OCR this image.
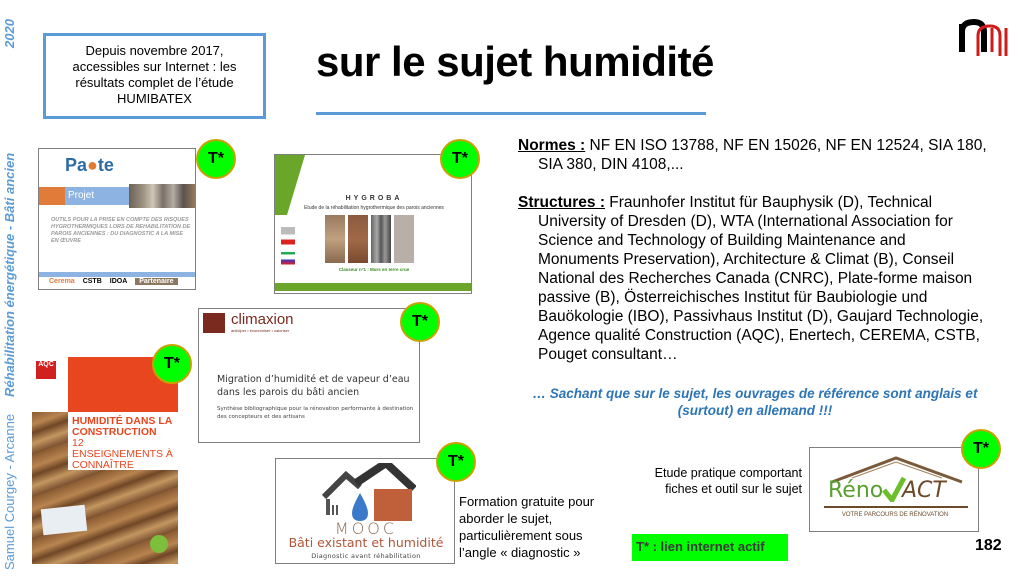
2020
Réhabilitation énergétique - Bâti ancien
Samuel Courgey - Arcanne
Depuis novembre 2017,
accessibles sur Internet : les
résultats complet de l’étude
HUMIBATEX
sur le sujet humidité
Pa●te
Projet OPERA
OUTILS POUR LA PRISE EN COMPTE DES RISQUES HYGROTHERMIQUES LORS DE REHABILITATION DE PAROIS ANCIENNES : DU DIAGNOSTIC A LA MISE EN ŒUVRE
Cerema CSTB IDOA	Partenaire
T*
HYGROBA
Etude de la réhabilitation hygrothermique des parois anciennes
Classeur n°1 : Murs en terre crue
T*
climaxion
anticiper • économiser • valoriser
Migration d’humidité et de vapeur d’eau dans les parois du bâti ancien
Synthèse bibliographique pour la rénovation performante à destination des concepteurs et des artisans
T*
AQC
HUMIDITÉ DANS LA CONSTRUCTION
12 ENSEIGNEMENTS À CONNAÎTRE
T*
MOOC
Bâti existant et humidité
Diagnostic avant réhabilitation
T*
Formation gratuite pour aborder le sujet, particulièrement sous l’angle « diagnostic »
Etude pratique comportant fiches et outil sur le sujet Réno ACT
VOTRE PARCOURS DE RÉNOVATION
T*
Normes : NF EN ISO 13788, NF EN 15026, NF EN 12524, SIA 180, SIA 380, DIN 4108,...
Structures : Fraunhofer Institut für Bauphysik (D), Technical University of Dresden (D), WTA (International Association for Science and Technology of Building Maintenance and Monuments Preservation), Architecture & Climat (B), Conseil National des Recherches Canada (CNRC), Plate-forme maison passive (B), Österreichisches Institut für Baubiologie und Bauökologie (IBO), Passivhaus Institut (D), Gaujard Technologie, Agence qualité Construction (AQC), Enertech, CEREMA, CSTB, Pouget consultant…
… Sachant que sur le sujet, les ouvrages de référence sont anglais et (surtout) en allemand !!!
T* : lien internet actif	182
